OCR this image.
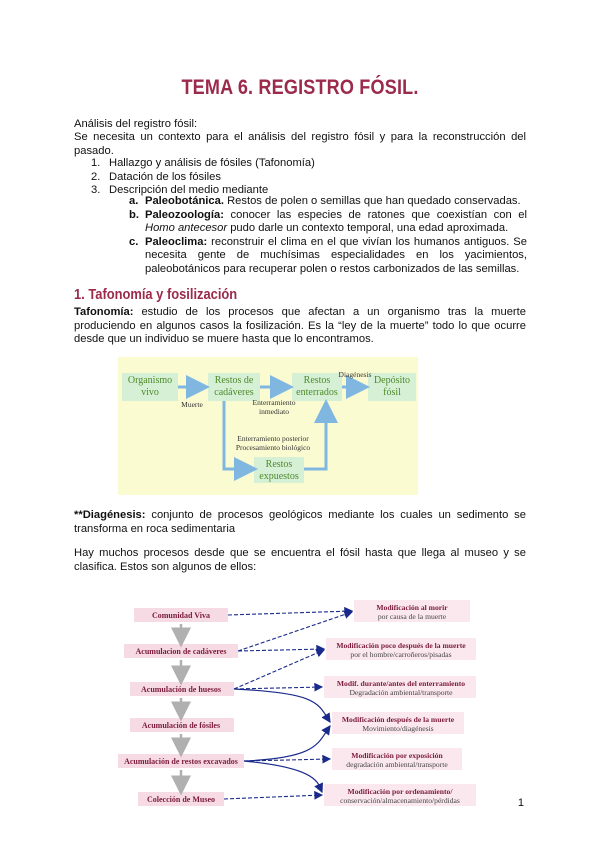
TEMA 6. REGISTRO FÓSIL.
Análisis del registro fósil:
Se necesita un contexto para el análisis del registro fósil y para la reconstrucción del pasado.
1. Hallazgo y análisis de fósiles (Tafonomía)
2. Datación de los fósiles
3. Descripción del medio mediante
a. Paleobotánica. Restos de polen o semillas que han quedado conservadas.
b. Paleozoología: conocer las especies de ratones que coexistían con el Homo antecesor pudo darle un contexto temporal, una edad aproximada.
c. Paleoclima: reconstruir el clima en el que vivían los humanos antiguos. Se necesita gente de muchísimas especialidades en los yacimientos, paleobotánicos para recuperar polen o restos carbonizados de las semillas.
1. Tafonomía y fosilización
Tafonomía: estudio de los procesos que afectan a un organismo tras la muerte produciendo en algunos casos la fosilización. Es la “ley de la muerte” todo lo que ocurre desde que un individuo se muere hasta que lo encontramos.
Organismo
vivo
Restos de
cadáveres
Restos
enterrados
Depósito
fósil
Restos
expuestos
Muerte
Diagénesis
Enterramiento
inmediato
Enterramiento posterior
Procesamiento biológico
**Diagénesis: conjunto de procesos geológicos mediante los cuales un sedimento se transforma en roca sedimentaria
Hay muchos procesos desde que se encuentra el fósil hasta que llega al museo y se clasifica. Estos son algunos de ellos:
Comunidad Viva
Acumulacion de cadáveres
Acumulación de huesos
Acumulación de fósiles
Acumulación de restos excavados
Colección de Museo
Modificación al morir
por causa de la muerte
Modificación poco después de la muerte
por el hombre/carroñeros/pisadas
Modif. durante/antes del enterramiento
Degradación ambiental/transporte
Modificación después de la muerte
Movimiento/diagénesis
Modificación por exposición
degradación ambiental/transporte
Modificación por ordenamiento/
conservación/almacenamiento/pérdidas	1
